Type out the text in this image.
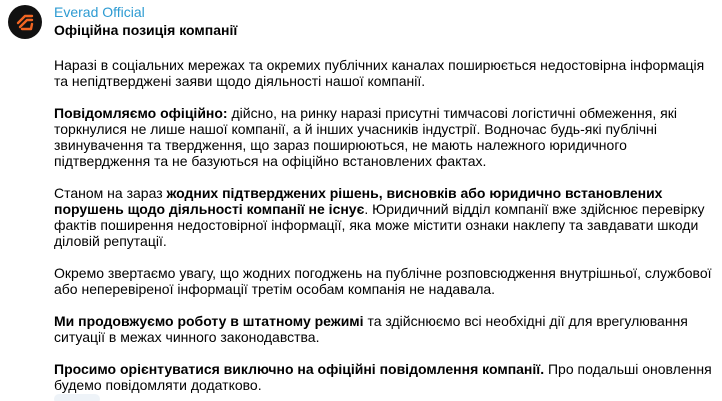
Everad Official
Офіційна позиція компанії

Наразі в соціальних мережах та окремих публічних каналах поширюється недостовірна інформація та непідтверджені заяви щодо діяльності нашої компанії.

Повідомляємо офіційно: дійсно, на ринку наразі присутні тимчасові логістичні обмеження, які торкнулися не лише нашої компанії, а й інших учасників індустрії. Водночас будь-які публічні звинувачення та твердження, що зараз поширюються, не мають належного юридичного підтвердження та не базуються на офіційно встановлених фактах.

Станом на зараз жодних підтверджених рішень, висновків або юридично встановлених порушень щодо діяльності компанії не існує. Юридичний відділ компанії вже здійснює перевірку фактів поширення недостовірної інформації, яка може містити ознаки наклепу та завдавати шкоди діловій репутації.

Окремо звертаємо увагу, що жодних погоджень на публічне розповсюдження внутрішньої, службової або неперевіреної інформації третім особам компанія не надавала.

Ми продовжуємо роботу в штатному режимі та здійснюємо всі необхідні дії для врегулювання ситуації в межах чинного законодавства.

Просимо орієнтуватися виключно на офіційні повідомлення компанії. Про подальші оновлення будемо повідомляти додатково.
